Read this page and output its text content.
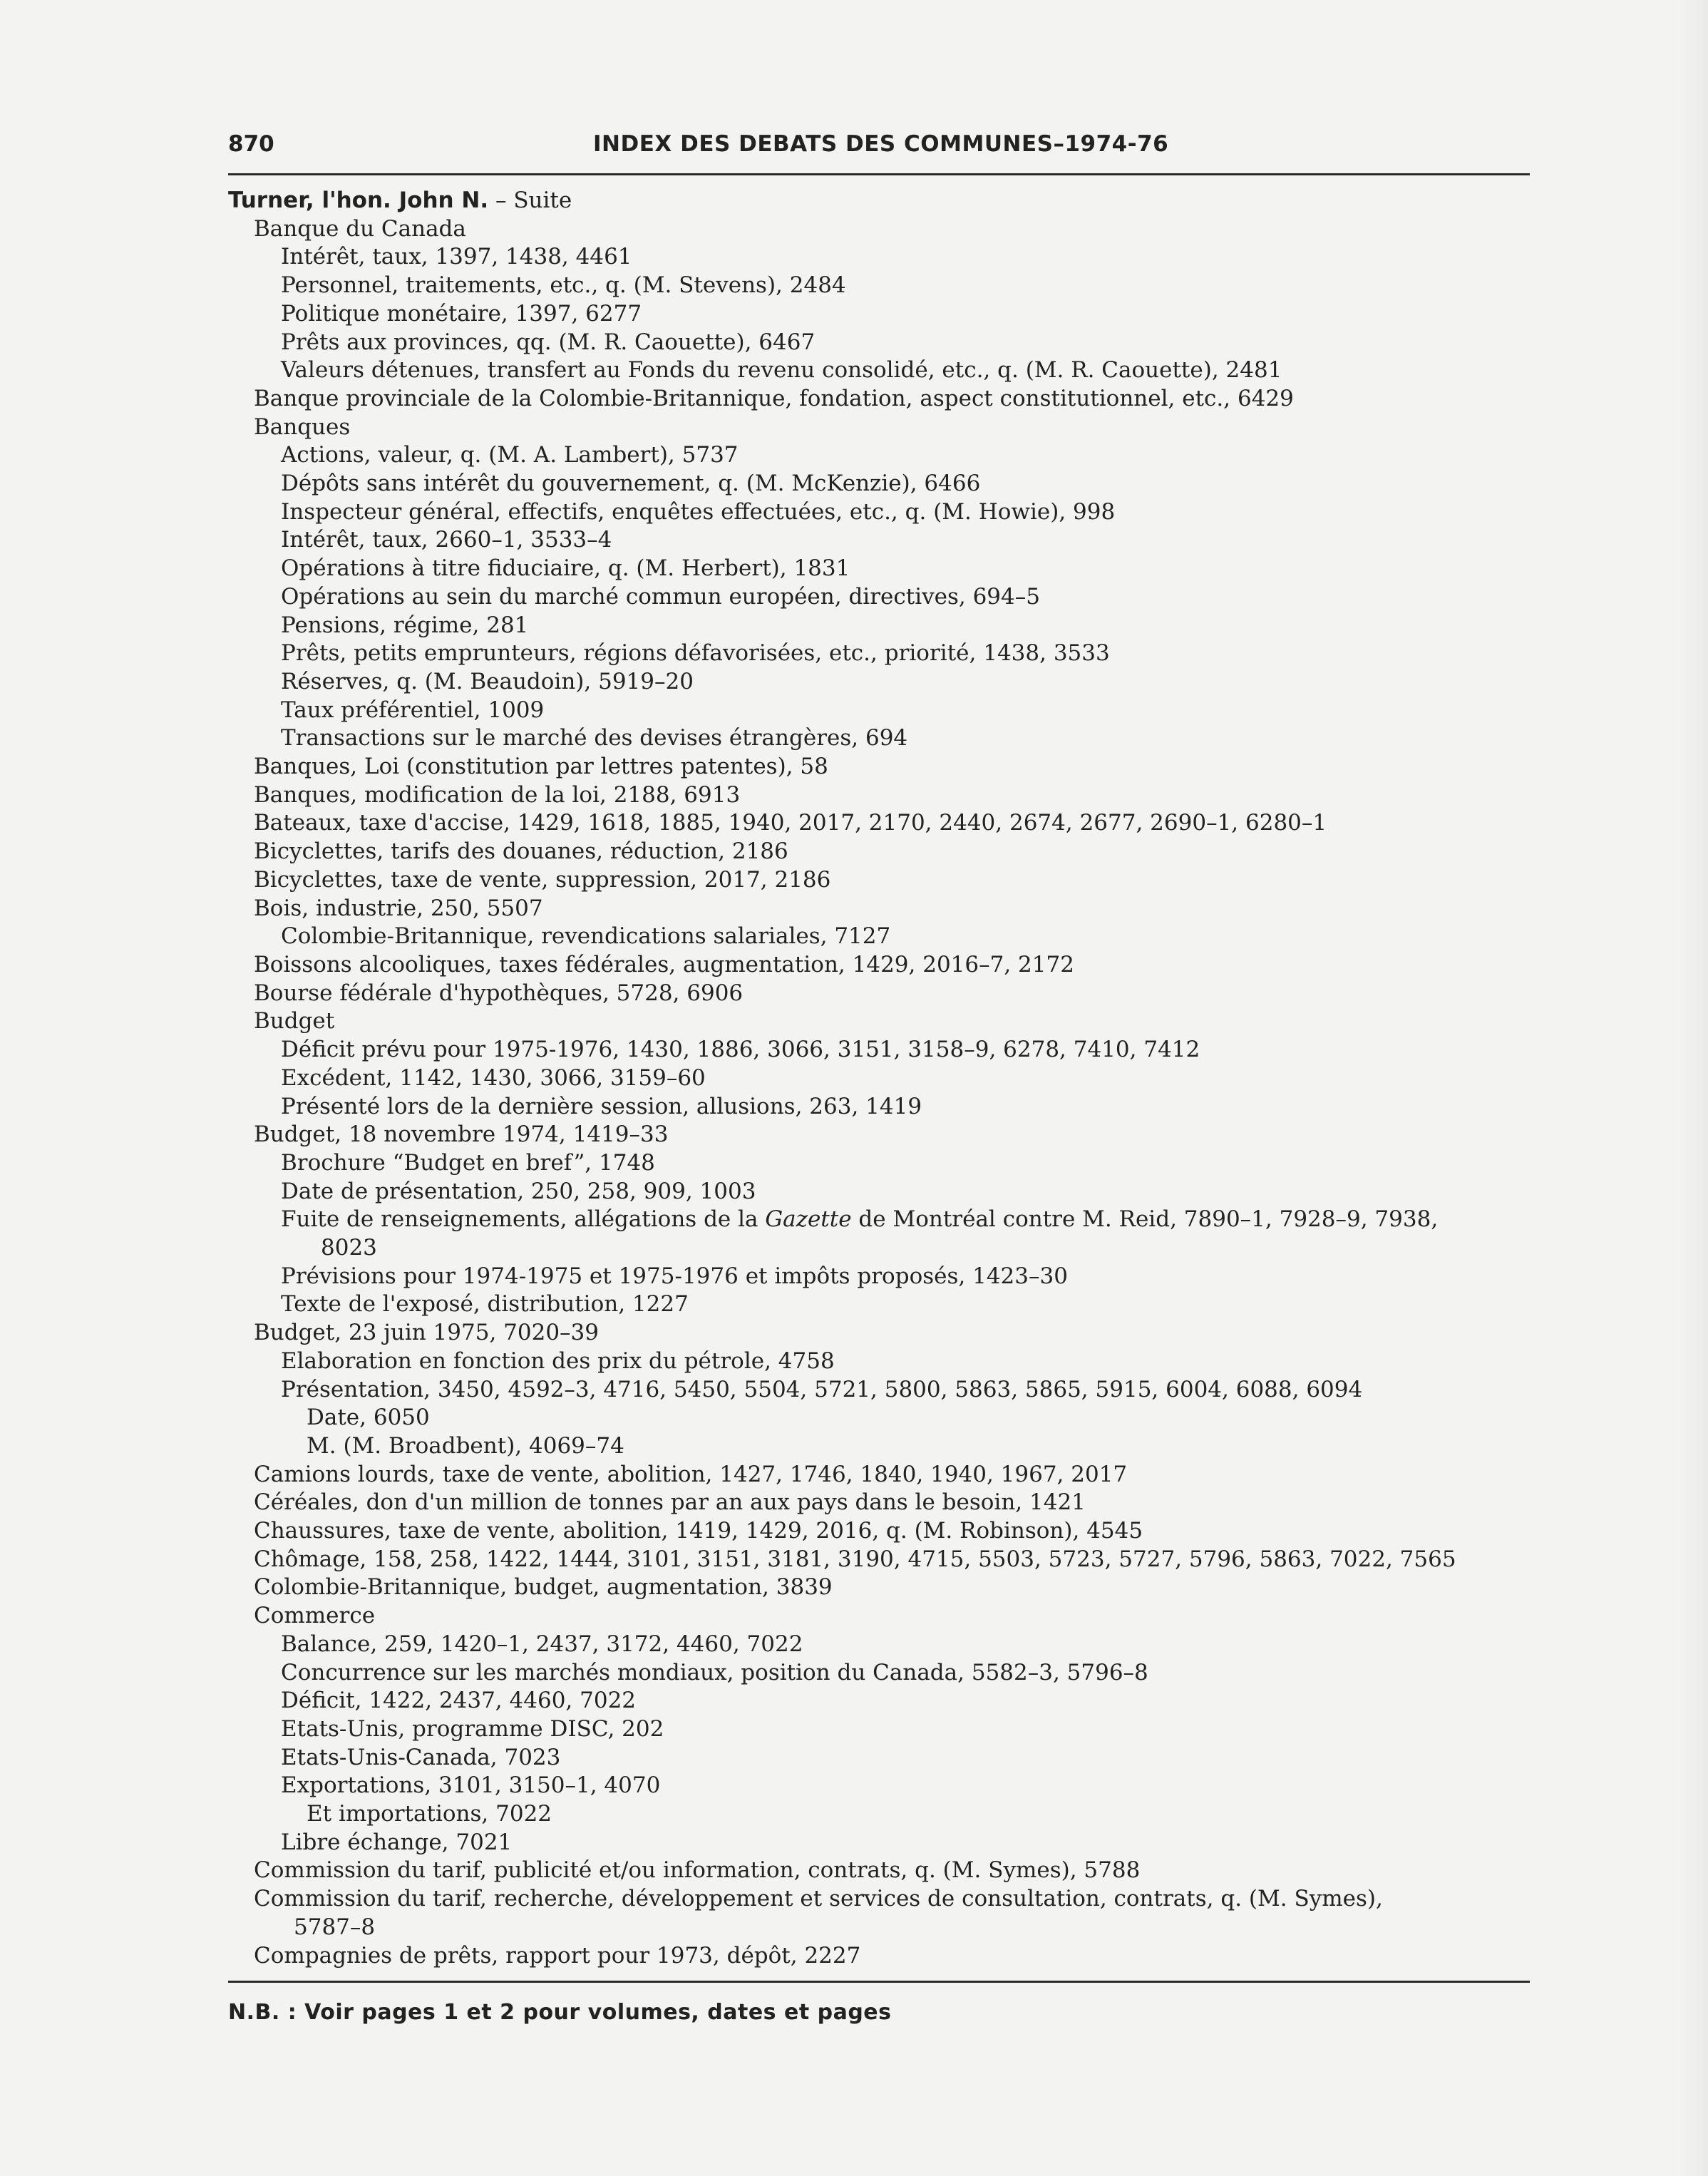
870	INDEX DES DEBATS DES COMMUNES–1974-76
Turner, l'hon. John N. – Suite
Banque du Canada
Intérêt, taux, 1397, 1438, 4461
Personnel, traitements, etc., q. (M. Stevens), 2484
Politique monétaire, 1397, 6277
Prêts aux provinces, qq. (M. R. Caouette), 6467
Valeurs détenues, transfert au Fonds du revenu consolidé, etc., q. (M. R. Caouette), 2481
Banque provinciale de la Colombie-Britannique, fondation, aspect constitutionnel, etc., 6429
Banques
Actions, valeur, q. (M. A. Lambert), 5737
Dépôts sans intérêt du gouvernement, q. (M. McKenzie), 6466
Inspecteur général, effectifs, enquêtes effectuées, etc., q. (M. Howie), 998
Intérêt, taux, 2660–1, 3533–4
Opérations à titre fiduciaire, q. (M. Herbert), 1831
Opérations au sein du marché commun européen, directives, 694–5
Pensions, régime, 281
Prêts, petits emprunteurs, régions défavorisées, etc., priorité, 1438, 3533
Réserves, q. (M. Beaudoin), 5919–20
Taux préférentiel, 1009
Transactions sur le marché des devises étrangères, 694
Banques, Loi (constitution par lettres patentes), 58
Banques, modification de la loi, 2188, 6913
Bateaux, taxe d'accise, 1429, 1618, 1885, 1940, 2017, 2170, 2440, 2674, 2677, 2690–1, 6280–1
Bicyclettes, tarifs des douanes, réduction, 2186
Bicyclettes, taxe de vente, suppression, 2017, 2186
Bois, industrie, 250, 5507
Colombie-Britannique, revendications salariales, 7127
Boissons alcooliques, taxes fédérales, augmentation, 1429, 2016–7, 2172
Bourse fédérale d'hypothèques, 5728, 6906
Budget
Déficit prévu pour 1975-1976, 1430, 1886, 3066, 3151, 3158–9, 6278, 7410, 7412
Excédent, 1142, 1430, 3066, 3159–60
Présenté lors de la dernière session, allusions, 263, 1419
Budget, 18 novembre 1974, 1419–33
Brochure “Budget en bref”, 1748
Date de présentation, 250, 258, 909, 1003
Fuite de renseignements, allégations de la Gazette de Montréal contre M. Reid, 7890–1, 7928–9, 7938,
8023
Prévisions pour 1974-1975 et 1975-1976 et impôts proposés, 1423–30
Texte de l'exposé, distribution, 1227
Budget, 23 juin 1975, 7020–39
Elaboration en fonction des prix du pétrole, 4758
Présentation, 3450, 4592–3, 4716, 5450, 5504, 5721, 5800, 5863, 5865, 5915, 6004, 6088, 6094
Date, 6050
M. (M. Broadbent), 4069–74
Camions lourds, taxe de vente, abolition, 1427, 1746, 1840, 1940, 1967, 2017
Céréales, don d'un million de tonnes par an aux pays dans le besoin, 1421
Chaussures, taxe de vente, abolition, 1419, 1429, 2016, q. (M. Robinson), 4545
Chômage, 158, 258, 1422, 1444, 3101, 3151, 3181, 3190, 4715, 5503, 5723, 5727, 5796, 5863, 7022, 7565
Colombie-Britannique, budget, augmentation, 3839
Commerce
Balance, 259, 1420–1, 2437, 3172, 4460, 7022
Concurrence sur les marchés mondiaux, position du Canada, 5582–3, 5796–8
Déficit, 1422, 2437, 4460, 7022
Etats-Unis, programme DISC, 202
Etats-Unis-Canada, 7023
Exportations, 3101, 3150–1, 4070
Et importations, 7022
Libre échange, 7021
Commission du tarif, publicité et/ou information, contrats, q. (M. Symes), 5788
Commission du tarif, recherche, développement et services de consultation, contrats, q. (M. Symes),
5787–8
Compagnies de prêts, rapport pour 1973, dépôt, 2227
N.B. : Voir pages 1 et 2 pour volumes, dates et pages
